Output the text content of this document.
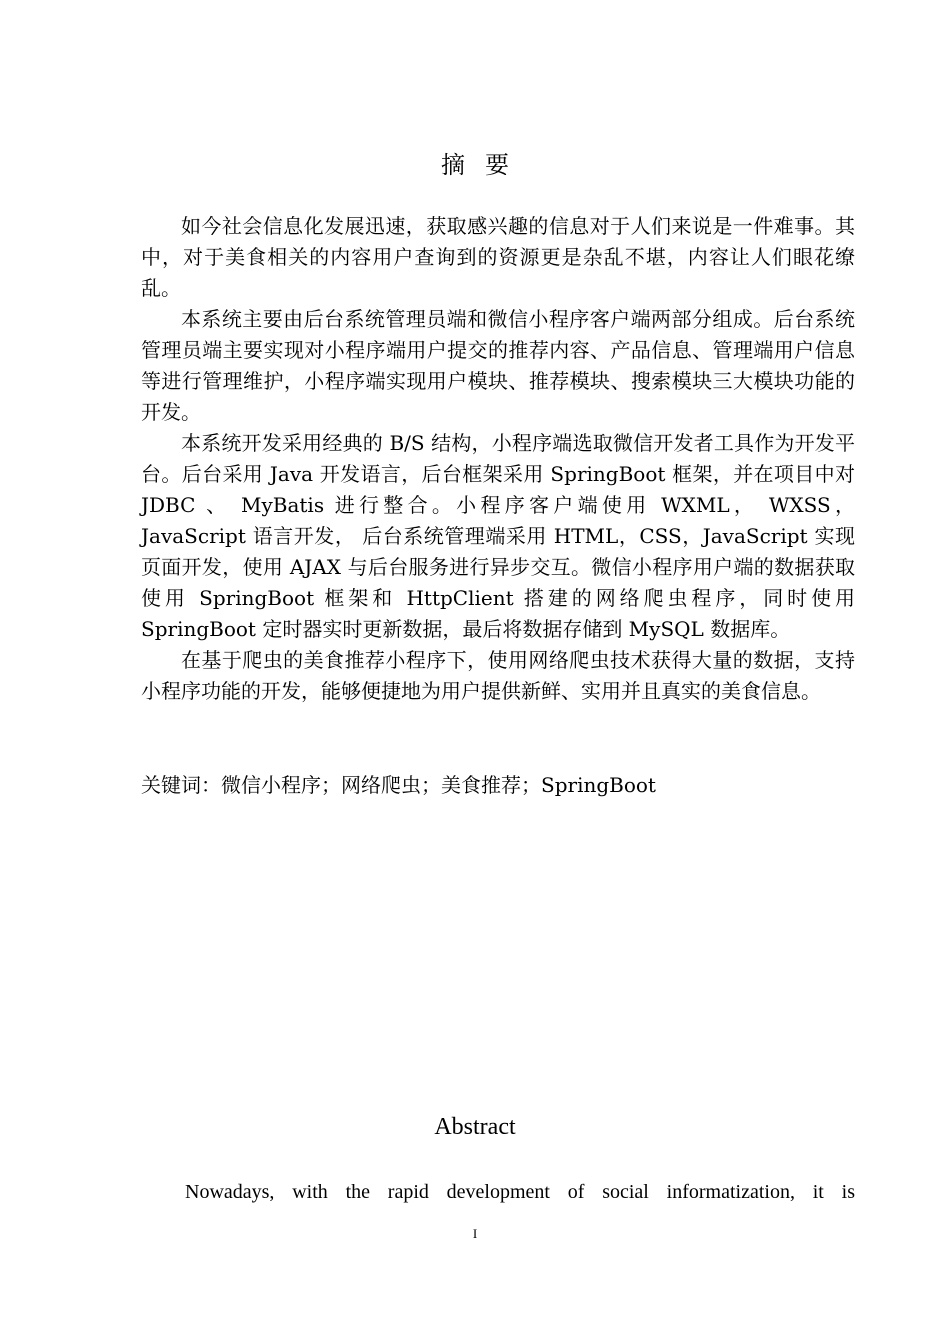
摘 要

如今社会信息化发展迅速，获取感兴趣的信息对于人们来说是一件难事。其中，对于美食相关的内容用户查询到的资源更是杂乱不堪，内容让人们眼花缭乱。

本系统主要由后台系统管理员端和微信小程序客户端两部分组成。后台系统管理员端主要实现对小程序端用户提交的推荐内容、产品信息、管理端用户信息等进行管理维护，小程序端实现用户模块、推荐模块、搜索模块三大模块功能的开发。

本系统开发采用经典的 B/S 结构，小程序端选取微信开发者工具作为开发平台。后台采用 Java 开发语言，后台框架采用 SpringBoot 框架，并在项目中对 JDBC 、 MyBatis 进行整合。小程序客户端使用 WXML， WXSS， JavaScript 语言开发， 后台系统管理端采用 HTML，CSS，JavaScript 实现页面开发，使用 AJAX 与后台服务进行异步交互。微信小程序用户端的数据获取使用 SpringBoot 框架和 HttpClient 搭建的网络爬虫程序，同时使用 SpringBoot 定时器实时更新数据，最后将数据存储到 MySQL 数据库。

在基于爬虫的美食推荐小程序下，使用网络爬虫技术获得大量的数据，支持小程序功能的开发，能够便捷地为用户提供新鲜、实用并且真实的美食信息。

关键词：微信小程序；网络爬虫；美食推荐；SpringBoot
Abstract

Nowadays, with the rapid development of social informatization, it is

I
